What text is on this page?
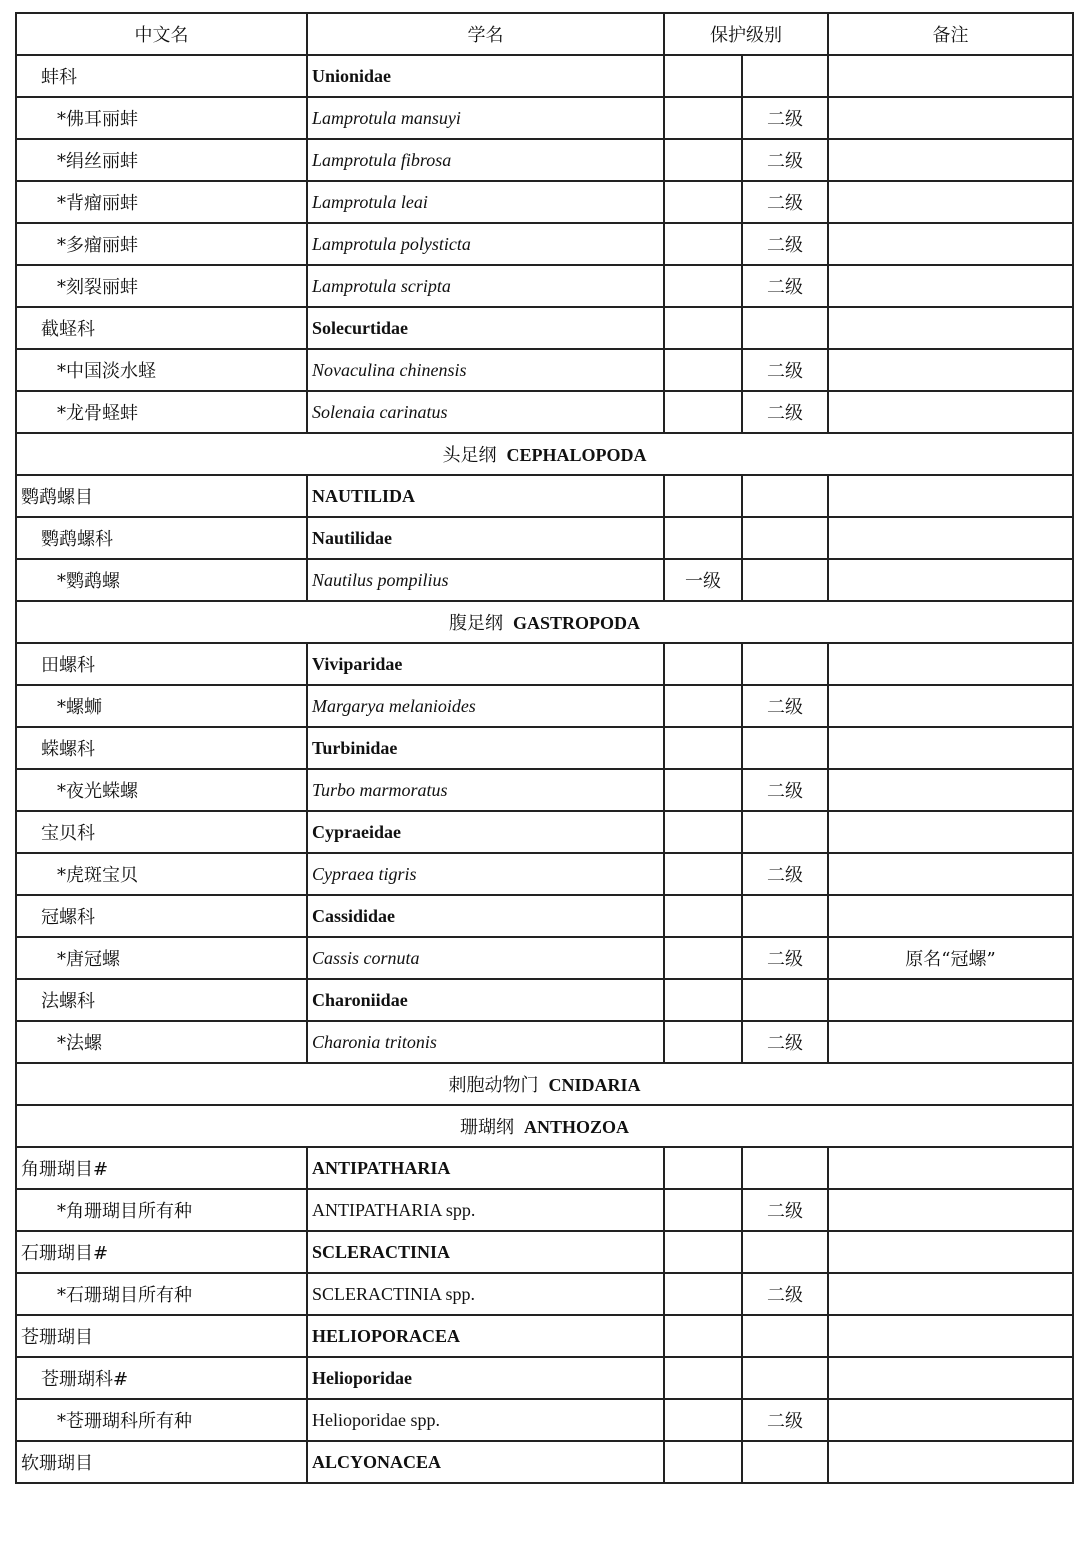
中文名	学名	保护级别		备注
蚌科	Unionidae			
*佛耳丽蚌	Lamprotula mansuyi		二级	
*绢丝丽蚌	Lamprotula fibrosa		二级	
*背瘤丽蚌	Lamprotula leai		二级	
*多瘤丽蚌	Lamprotula polysticta		二级	
*刻裂丽蚌	Lamprotula scripta		二级	
截蛏科	Solecurtidae			
*中国淡水蛏	Novaculina chinensis		二级	
*龙骨蛏蚌	Solenaia carinatus		二级	
头足纲 CEPHALOPODA				
鹦鹉螺目	NAUTILIDA			
鹦鹉螺科	Nautilidae			
*鹦鹉螺	Nautilus pompilius	一级		
腹足纲 GASTROPODA				
田螺科	Viviparidae			
*螺蛳	Margarya melanioides		二级	
蝾螺科	Turbinidae			
*夜光蝾螺	Turbo marmoratus		二级	
宝贝科	Cypraeidae			
*虎斑宝贝	Cypraea tigris		二级	
冠螺科	Cassididae			
*唐冠螺	Cassis cornuta		二级	原名“冠螺”
法螺科	Charoniidae			
*法螺	Charonia tritonis		二级	
刺胞动物门 CNIDARIA				
珊瑚纲 ANTHOZOA				
角珊瑚目#	ANTIPATHARIA			
*角珊瑚目所有种	ANTIPATHARIA spp.		二级	
石珊瑚目#	SCLERACTINIA			
*石珊瑚目所有种	SCLERACTINIA spp.		二级	
苍珊瑚目	HELIOPORACEA			
苍珊瑚科#	Helioporidae			
*苍珊瑚科所有种	Helioporidae spp.		二级	
软珊瑚目	ALCYONACEA			
